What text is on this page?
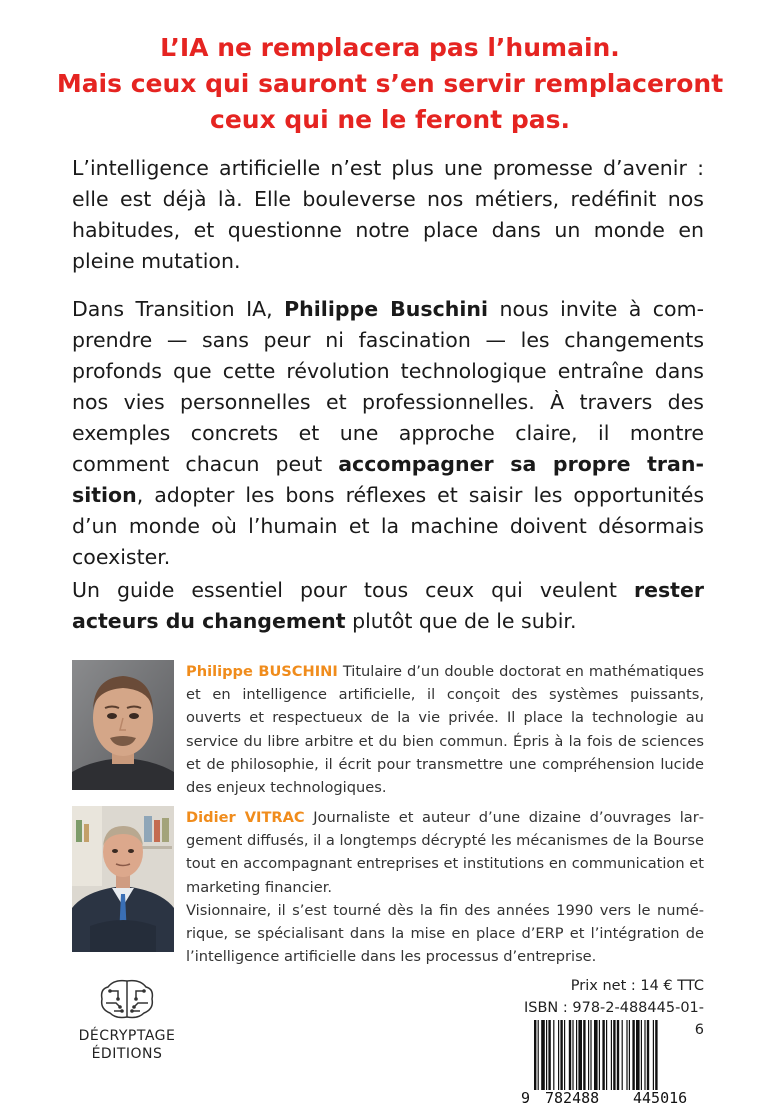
L’IA ne remplacera pas l’humain.
Mais ceux qui sauront s’en servir remplaceront
ceux qui ne le feront pas.
L’intelligence artificielle n’est plus une promesse d’avenir : elle est déjà là. Elle bouleverse nos métiers, redéfinit nos habitudes, et questionne notre place dans un monde en pleine mutation.
Dans Transition IA, Philippe Buschini nous invite à comprendre — sans peur ni fascination — les changements profonds que cette révolution technologique entraîne dans nos vies personnelles et professionnelles. À travers des exemples concrets et une approche claire, il montre comment chacun peut accompagner sa propre transition, adopter les bons réflexes et saisir les opportunités d’un monde où l’humain et la machine doivent désormais coexister.
Un guide essentiel pour tous ceux qui veulent rester acteurs du changement plutôt que de le subir.
Philippe BUSCHINI Titulaire d’un double doctorat en mathématiques et en intelligence artificielle, il conçoit des systèmes puissants, ouverts et respectueux de la vie privée. Il place la technologie au service du libre arbitre et du bien commun. Épris à la fois de sciences et de philosophie, il écrit pour transmettre une compréhension lucide des enjeux technologiques.
Didier VITRAC Journaliste et auteur d’une dizaine d’ouvrages largement diffusés, il a longtemps décrypté les mécanismes de la Bourse tout en accompagnant entreprises et institutions en communication et marketing financier.
Visionnaire, il s’est tourné dès la fin des années 1990 vers le numérique, se spécialisant dans la mise en place d’ERP et l’intégration de l’intelligence artificielle dans les processus d’entreprise.
DÉCRYPTAGE
ÉDITIONS
Prix net : 14 € TTC
ISBN : 978-2-488445-01-6
9 782488 445016
